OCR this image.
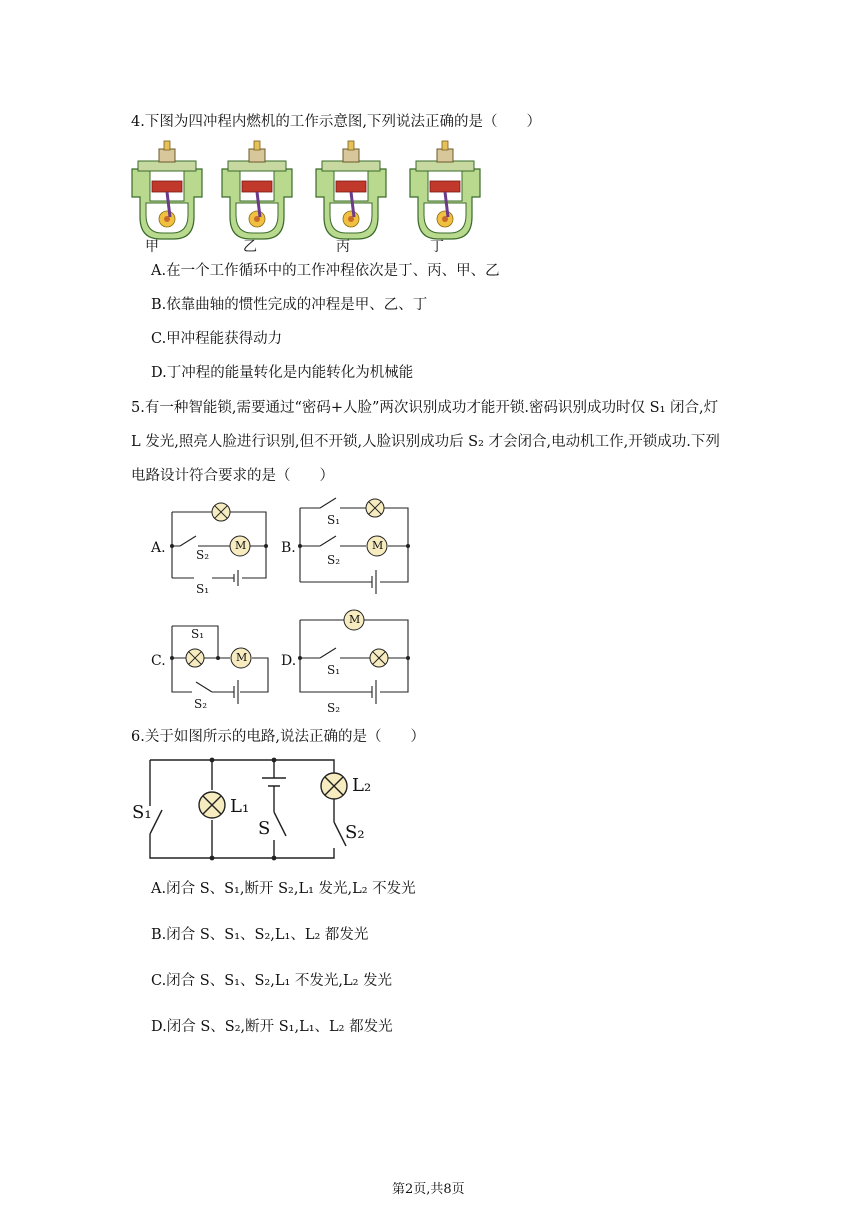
4.下图为四冲程内燃机的工作示意图,下列说法正确的是（　　）
甲	乙	丙	丁
A.在一个工作循环中的工作冲程依次是丁、丙、甲、乙
B.依靠曲轴的惯性完成的冲程是甲、乙、丁
C.甲冲程能获得动力
D.丁冲程的能量转化是内能转化为机械能
5.有一种智能锁,需要通过“密码+人脸”两次识别成功才能开锁.密码识别成功时仅 S₁ 闭合,灯
L 发光,照亮人脸进行识别,但不开锁,人脸识别成功后 S₂ 才会闭合,电动机工作,开锁成功.下列
电路设计符合要求的是（　　）
A.	B.
C.	D.
S₂
S₁
M
S₁
S₂
M
S₁
S₂
M
S₁
S₂
M
6.关于如图所示的电路,说法正确的是（　　）
S₁	L₁
S
L₂
S₂
A.闭合 S、S₁,断开 S₂,L₁ 发光,L₂ 不发光
B.闭合 S、S₁、S₂,L₁、L₂ 都发光
C.闭合 S、S₁、S₂,L₁ 不发光,L₂ 发光
D.闭合 S、S₂,断开 S₁,L₁、L₂ 都发光
第2页,共8页
